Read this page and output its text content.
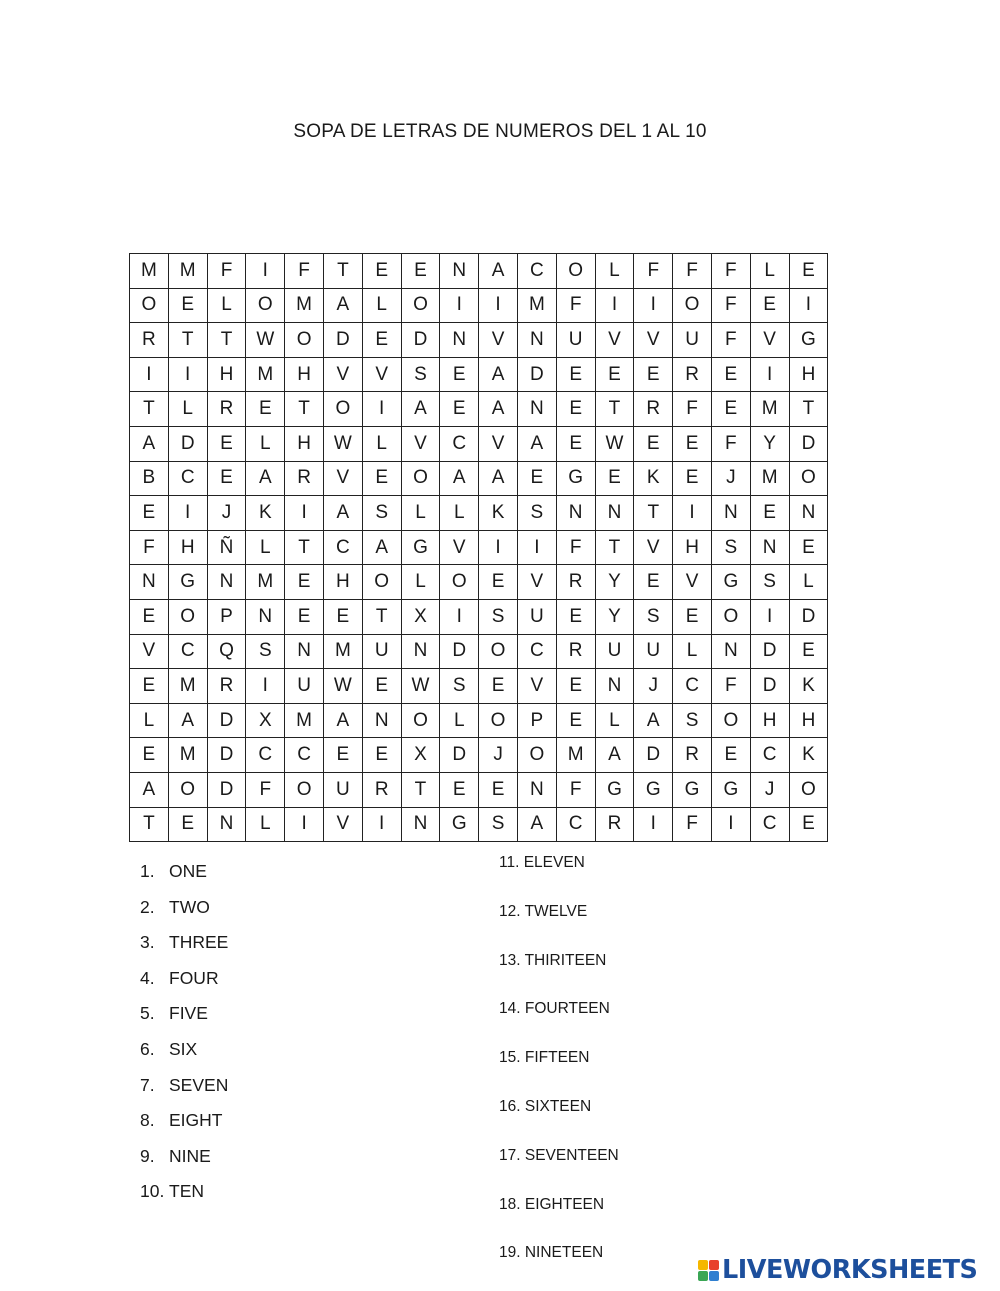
SOPA DE LETRAS DE NUMEROS DEL 1 AL 10
M	M	F	I	F	T	E	E	N	A	C	O	L	F	F	F	L	E
O	E	L	O	M	A	L	O	I	I	M	F	I	I	O	F	E	I
R	T	T	W	O	D	E	D	N	V	N	U	V	V	U	F	V	G
I	I	H	M	H	V	V	S	E	A	D	E	E	E	R	E	I	H
T	L	R	E	T	O	I	A	E	A	N	E	T	R	F	E	M	T
A	D	E	L	H	W	L	V	C	V	A	E	W	E	E	F	Y	D
B	C	E	A	R	V	E	O	A	A	E	G	E	K	E	J	M	O
E	I	J	K	I	A	S	L	L	K	S	N	N	T	I	N	E	N
F	H	Ñ	L	T	C	A	G	V	I	I	F	T	V	H	S	N	E
N	G	N	M	E	H	O	L	O	E	V	R	Y	E	V	G	S	L
E	O	P	N	E	E	T	X	I	S	U	E	Y	S	E	O	I	D
V	C	Q	S	N	M	U	N	D	O	C	R	U	U	L	N	D	E
E	M	R	I	U	W	E	W	S	E	V	E	N	J	C	F	D	K
L	A	D	X	M	A	N	O	L	O	P	E	L	A	S	O	H	H
E	M	D	C	C	E	E	X	D	J	O	M	A	D	R	E	C	K
A	O	D	F	O	U	R	T	E	E	N	F	G	G	G	G	J	O
T	E	N	L	I	V	I	N	G	S	A	C	R	I	F	I	C	E
1. ONE
2. TWO
3. THREE
4. FOUR
5. FIVE
6. SIX
7. SEVEN
8. EIGHT
9. NINE
10. TEN
11. ELEVEN
12. TWELVE
13. THIRITEEN
14. FOURTEEN
15. FIFTEEN
16. SIXTEEN
17. SEVENTEEN
18. EIGHTEEN
19. NINETEEN
LIVEWORKSHEETS
